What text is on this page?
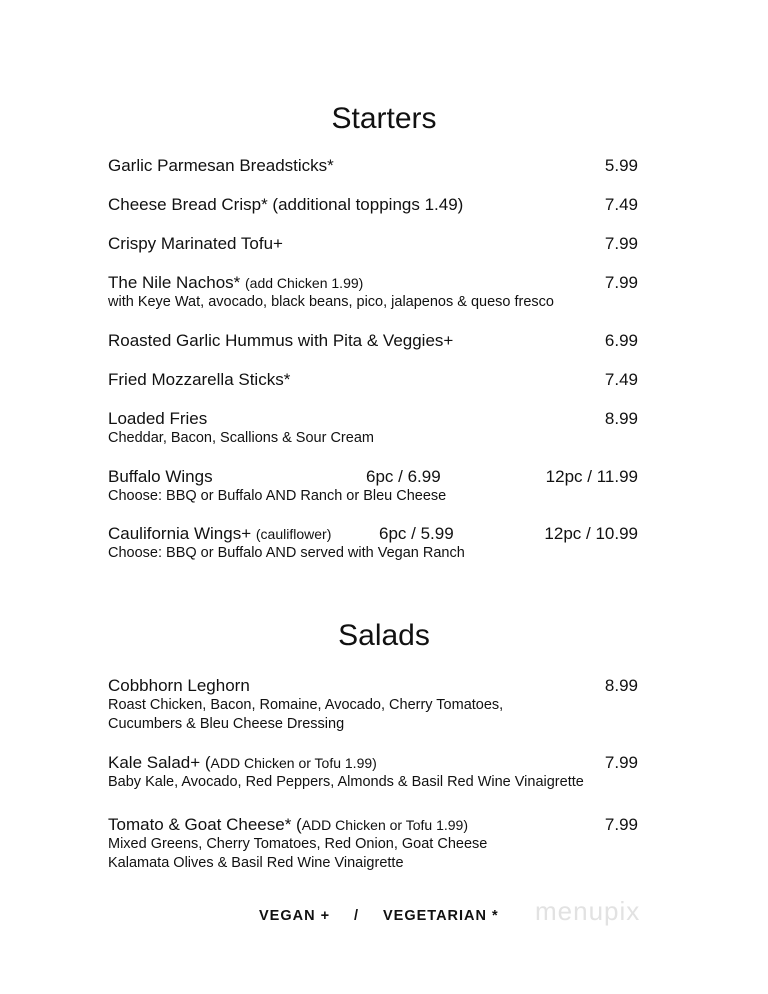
Starters
Garlic Parmesan Breadsticks*	5.99
Cheese Bread Crisp* (additional toppings 1.49)	7.49
Crispy Marinated Tofu+	7.99
The Nile Nachos* (add Chicken 1.99)	7.99
with Keye Wat, avocado, black beans, pico, jalapenos & queso fresco
Roasted Garlic Hummus with Pita & Veggies+	6.99
Fried Mozzarella Sticks*	7.49
Loaded Fries	8.99
Cheddar, Bacon, Scallions & Sour Cream
Buffalo Wings	6pc / 6.99	12pc / 11.99
Choose: BBQ or Buffalo AND Ranch or Bleu Cheese
Caulifornia Wings+ (cauliflower)	6pc / 5.99	12pc / 10.99
Choose: BBQ or Buffalo AND served with Vegan Ranch
Salads
Cobbhorn Leghorn	8.99
Roast Chicken, Bacon, Romaine, Avocado, Cherry Tomatoes,
Cucumbers & Bleu Cheese Dressing
Kale Salad+ (ADD Chicken or Tofu 1.99)	7.99
Baby Kale, Avocado, Red Peppers, Almonds & Basil Red Wine Vinaigrette
Tomato & Goat Cheese* (ADD Chicken or Tofu 1.99)	7.99
Mixed Greens, Cherry Tomatoes, Red Onion, Goat Cheese
Kalamata Olives & Basil Red Wine Vinaigrette
VEGAN + / VEGETARIAN * menupix
